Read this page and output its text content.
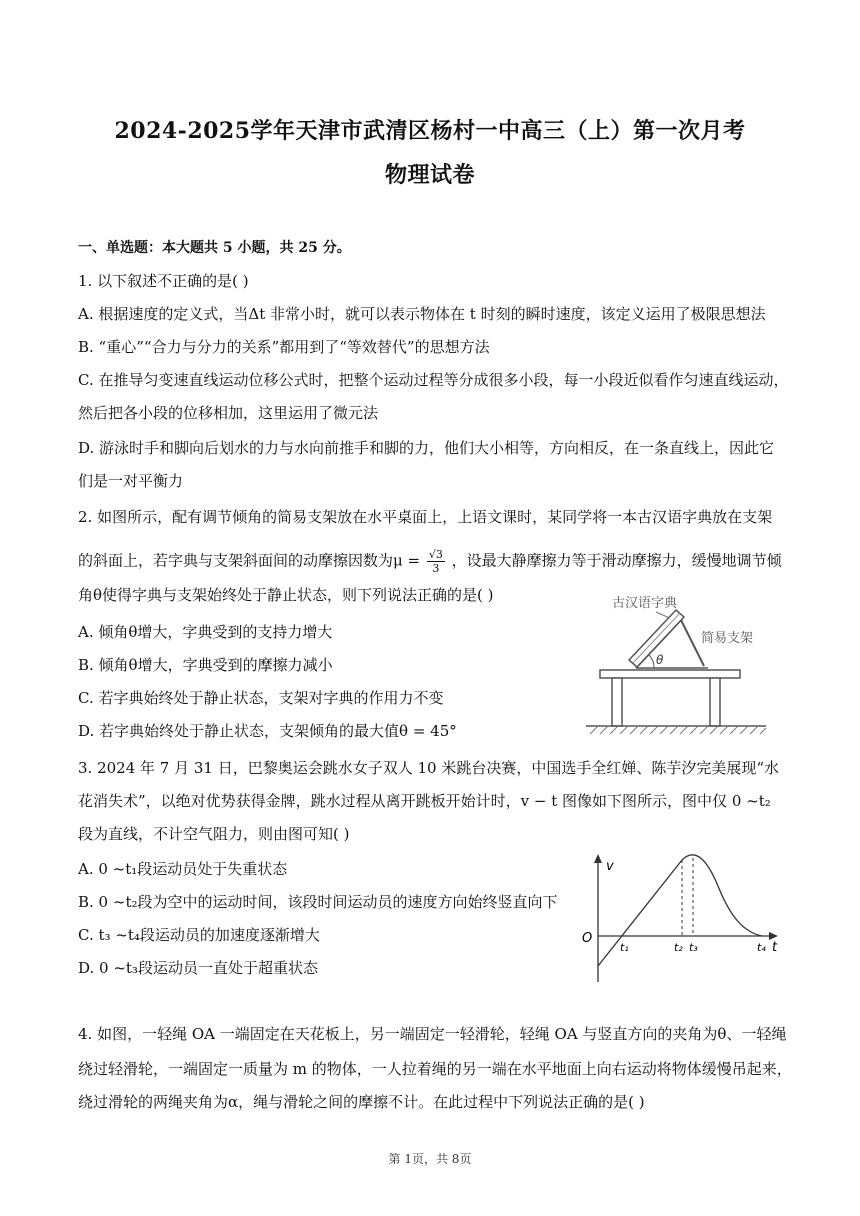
2024-2025学年天津市武清区杨村一中高三（上）第一次月考
物理试卷
一、单选题：本大题共 5 小题，共 25 分。
1. 以下叙述不正确的是( )
A. 根据速度的定义式，当Δt 非常小时，就可以表示物体在 t 时刻的瞬时速度，该定义运用了极限思想法
B. “重心”“合力与分力的关系”都用到了“等效替代”的思想方法
C. 在推导匀变速直线运动位移公式时，把整个运动过程等分成很多小段，每一小段近似看作匀速直线运动，
然后把各小段的位移相加，这里运用了微元法
D. 游泳时手和脚向后划水的力与水向前推手和脚的力，他们大小相等，方向相反，在一条直线上，因此它
们是一对平衡力
2. 如图所示，配有调节倾角的简易支架放在水平桌面上，上语文课时，某同学将一本古汉语字典放在支架
的斜面上，若字典与支架斜面间的动摩擦因数为$\mu = \frac{√3}{3}$ ，设最大静摩擦力等于滑动摩擦力，缓慢地调节倾
角θ使得字典与支架始终处于静止状态，则下列说法正确的是( )
A. 倾角θ增大，字典受到的支持力增大
B. 倾角θ增大，字典受到的摩擦力减小
C. 若字典始终处于静止状态，支架对字典的作用力不变
D. 若字典始终处于静止状态，支架倾角的最大值θ = 45°
古汉语字典
简易支架
θ
3. 2024 年 7 月 31 日，巴黎奥运会跳水女子双人 10 米跳台决赛，中国选手全红婵、陈芋汐完美展现“水
花消失术”，以绝对优势获得金牌，跳水过程从离开跳板开始计时，v − t 图像如下图所示，图中仅 0 ~t₂
段为直线，不计空气阻力，则由图可知( )
A. 0 ~t₁段运动员处于失重状态
B. 0 ~t₂段为空中的运动时间，该段时间运动员的速度方向始终竖直向下
C. t₃ ~t₄段运动员的加速度逐渐增大
D. 0 ~t₃段运动员一直处于超重状态
v
t
O
t₁	t₂ t₃	t₄
4. 如图，一轻绳 OA 一端固定在天花板上，另一端固定一轻滑轮，轻绳 OA 与竖直方向的夹角为θ、一轻绳
绕过轻滑轮，一端固定一质量为 m 的物体，一人拉着绳的另一端在水平地面上向右运动将物体缓慢吊起来，
绕过滑轮的两绳夹角为α，绳与滑轮之间的摩擦不计。在此过程中下列说法正确的是( )
第 1页，共 8页
